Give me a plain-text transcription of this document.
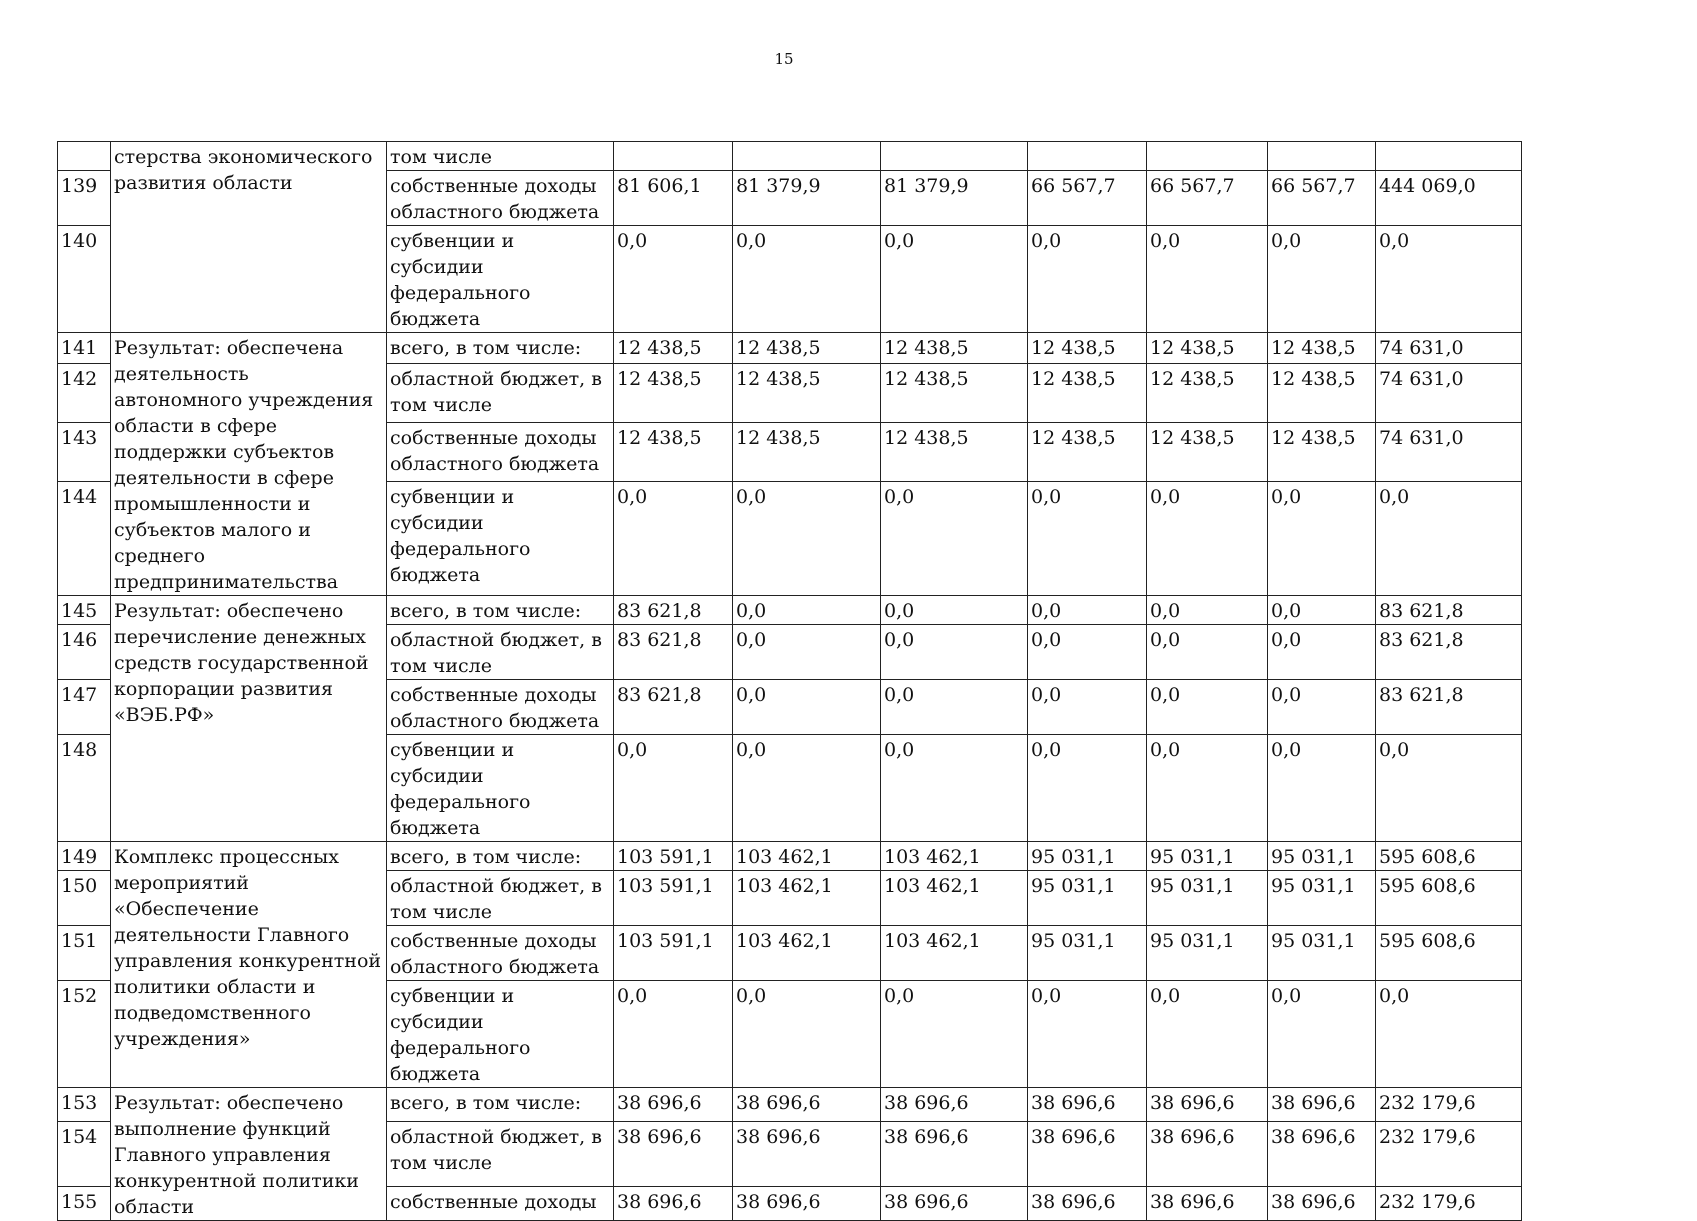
15
	стерства экономического развития области	том числе							
139		собственные доходы областного бюджета	81 606,1	81 379,9	81 379,9	66 567,7	66 567,7	66 567,7	444 069,0
140		субвенции и субсидии федерального бюджета	0,0	0,0	0,0	0,0	0,0	0,0	0,0
141	Результат: обеспечена деятельность автономного учреждения области в сфере поддержки субъектов деятельности в сфере промышленности и субъектов малого и среднего предпринимательства	всего, в том числе:	12 438,5	12 438,5	12 438,5	12 438,5	12 438,5	12 438,5	74 631,0
142		областной бюджет, в том числе	12 438,5	12 438,5	12 438,5	12 438,5	12 438,5	12 438,5	74 631,0
143		собственные доходы областного бюджета	12 438,5	12 438,5	12 438,5	12 438,5	12 438,5	12 438,5	74 631,0
144		субвенции и субсидии федерального бюджета	0,0	0,0	0,0	0,0	0,0	0,0	0,0
145	Результат: обеспечено перечисление денежных средств государственной корпорации развития «ВЭБ.РФ»	всего, в том числе:	83 621,8	0,0	0,0	0,0	0,0	0,0	83 621,8
146		областной бюджет, в том числе	83 621,8	0,0	0,0	0,0	0,0	0,0	83 621,8
147		собственные доходы областного бюджета	83 621,8	0,0	0,0	0,0	0,0	0,0	83 621,8
148		субвенции и субсидии федерального бюджета	0,0	0,0	0,0	0,0	0,0	0,0	0,0
149	Комплекс процессных мероприятий «Обеспечение деятельности Главного управления конкурентной политики области и подведомственного учреждения»	всего, в том числе:	103 591,1	103 462,1	103 462,1	95 031,1	95 031,1	95 031,1	595 608,6
150		областной бюджет, в том числе	103 591,1	103 462,1	103 462,1	95 031,1	95 031,1	95 031,1	595 608,6
151		собственные доходы областного бюджета	103 591,1	103 462,1	103 462,1	95 031,1	95 031,1	95 031,1	595 608,6
152		субвенции и субсидии федерального бюджета	0,0	0,0	0,0	0,0	0,0	0,0	0,0
153	Результат: обеспечено выполнение функций Главного управления конкурентной политики области	всего, в том числе:	38 696,6	38 696,6	38 696,6	38 696,6	38 696,6	38 696,6	232 179,6
154		областной бюджет, в том числе	38 696,6	38 696,6	38 696,6	38 696,6	38 696,6	38 696,6	232 179,6
155		собственные доходы	38 696,6	38 696,6	38 696,6	38 696,6	38 696,6	38 696,6	232 179,6
